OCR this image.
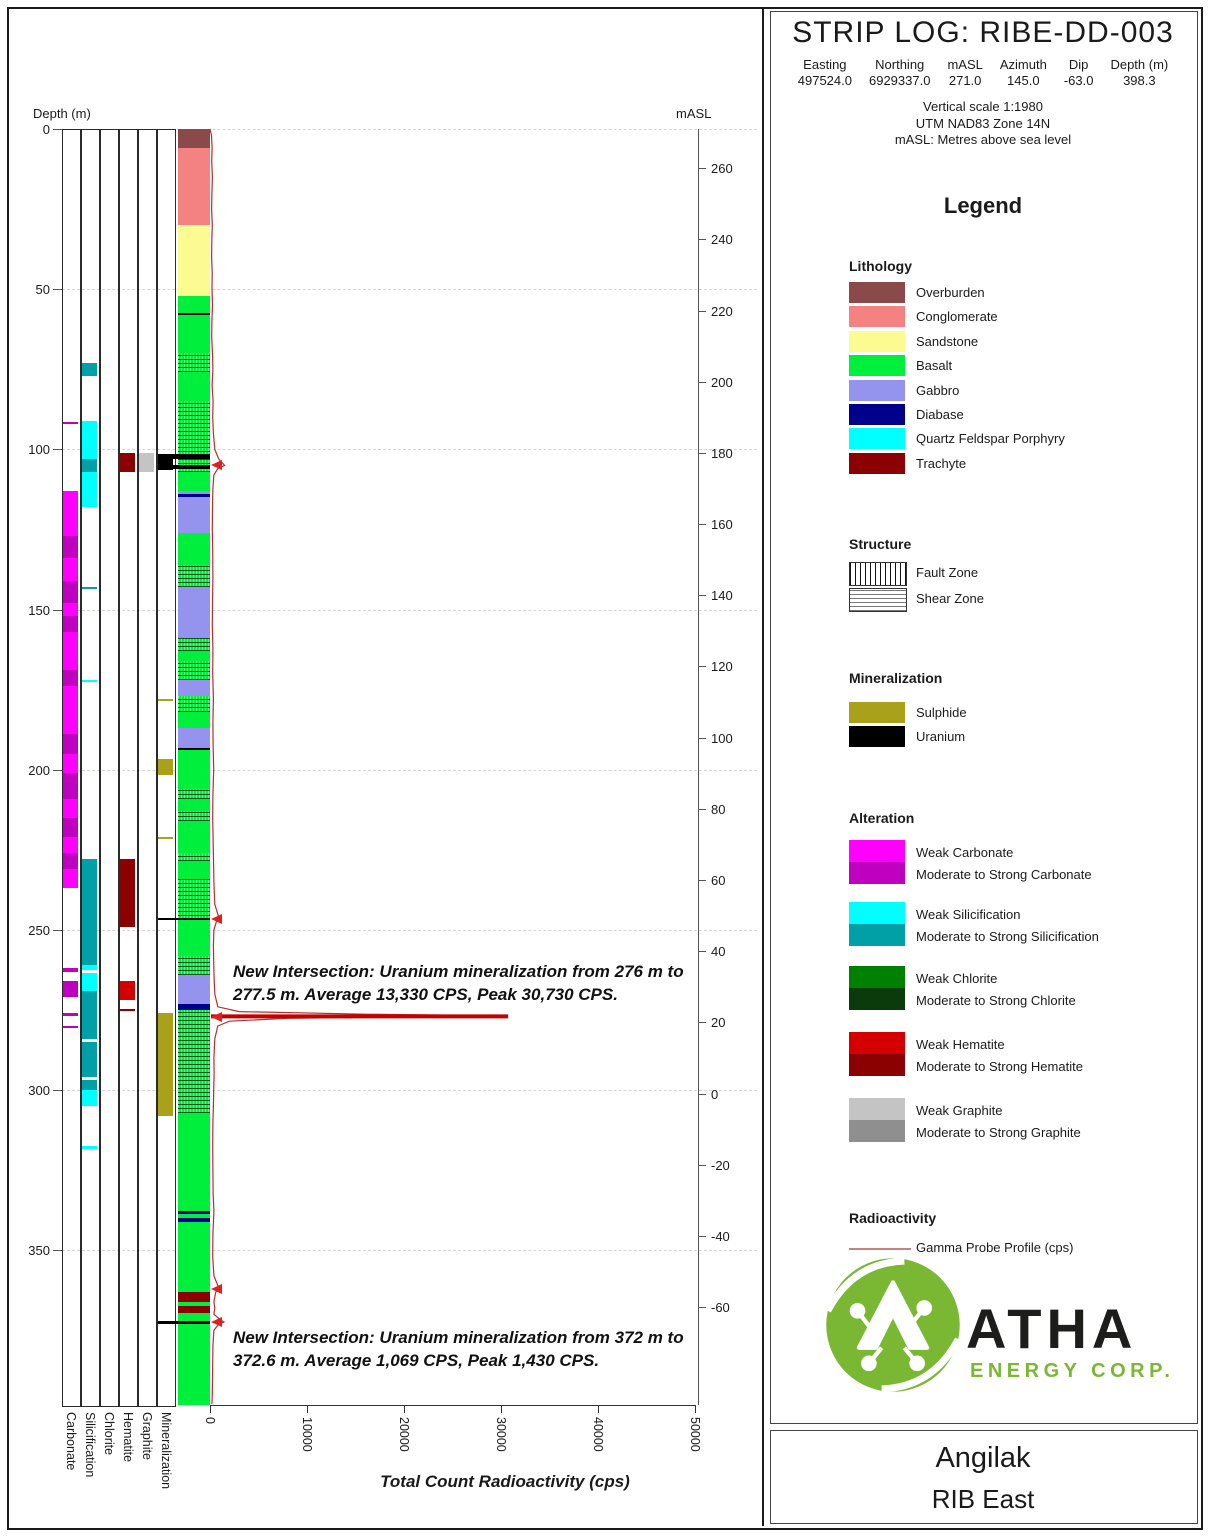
0
50
100
150
200
250
300
350
Carbonate Silicification Chlorite Hematite Graphite Mineralization
260
240
220
200
180
160
140
120
100
80
60
40
20
0
-20
-40
-60
0	10000	20000	30000	40000	50000
New Intersection: Uranium mineralization from 276 m to 277.5 m. Average 13,330 CPS, Peak 30,730 CPS.
New Intersection: Uranium mineralization from 372 m to 372.6 m. Average 1,069 CPS, Peak 1,430 CPS.
Depth (m)	mASL
Total Count Radioactivity (cps)
STRIP LOG: RIBE-DD-003
Easting
497524.0
Northing
6929337.0
mASL
271.0
Azimuth
145.0
Dip
-63.0
Depth (m)
398.3
Vertical scale 1:1980
UTM NAD83 Zone 14N
mASL: Metres above sea level
Legend
Lithology
Structure
Mineralization
Alteration
Radioactivity
Overburden
Conglomerate
Sandstone
Basalt
Gabbro
Diabase
Quartz Feldspar Porphyry
Trachyte
Fault Zone
Shear Zone
Sulphide
Uranium
Weak Carbonate
Moderate to Strong Carbonate
Weak Silicification
Moderate to Strong Silicification
Weak Chlorite
Moderate to Strong Chlorite
Weak Hematite
Moderate to Strong Hematite
Weak Graphite
Moderate to Strong Graphite
Gamma Probe Profile (cps)
ATHA
ENERGY CORP.
Angilak
RIB East
